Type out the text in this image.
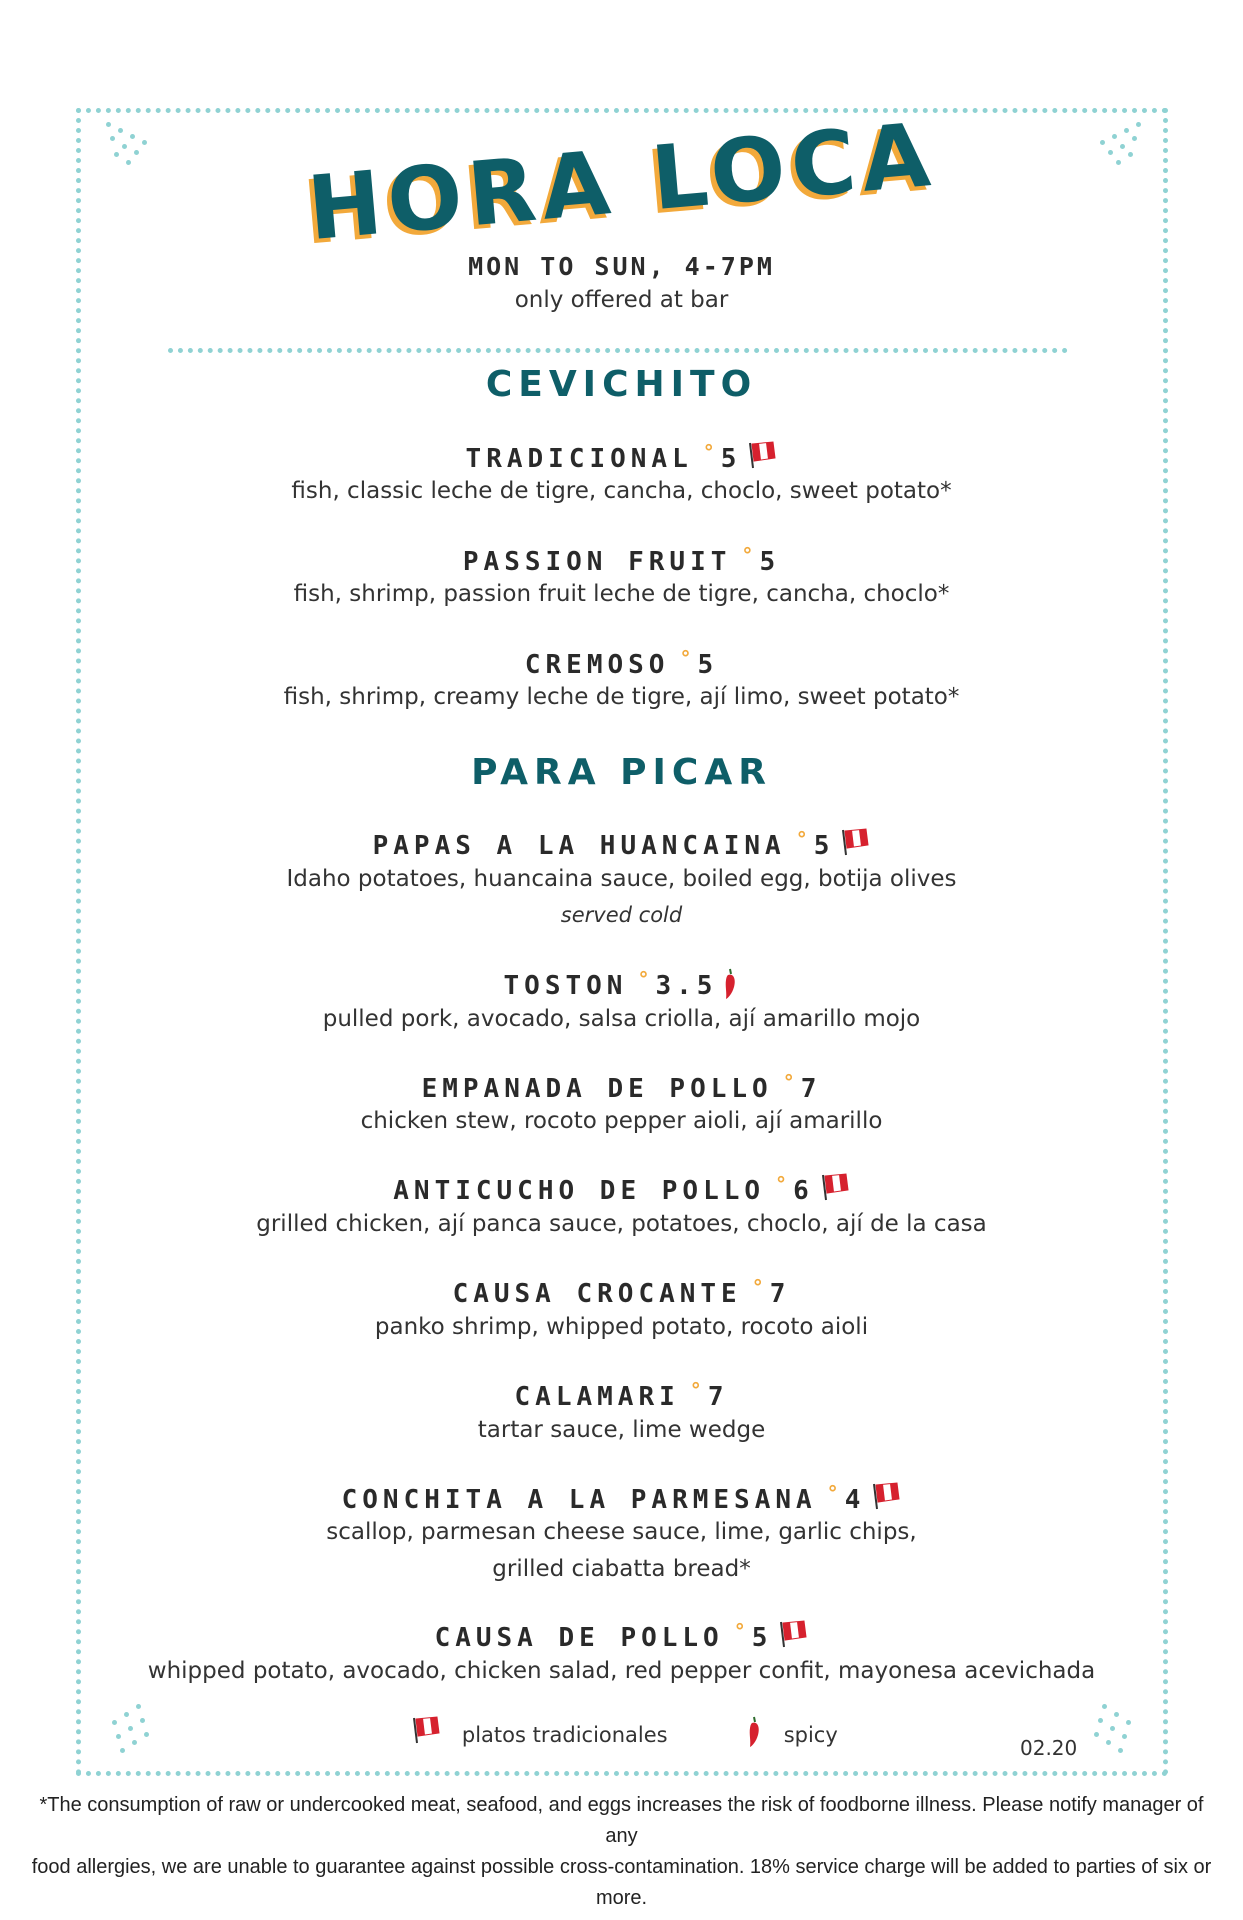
HORA LOCA
MON TO SUN, 4-7PM
only offered at bar
CEVICHITO
TRADICIONAL ° 5
fish, classic leche de tigre, cancha, choclo, sweet potato*
PASSION FRUIT ° 5
fish, shrimp, passion fruit leche de tigre, cancha, choclo*
CREMOSO ° 5
fish, shrimp, creamy leche de tigre, ají limo, sweet potato*
PARA PICAR
PAPAS A LA HUANCAINA ° 5
Idaho potatoes, huancaina sauce, boiled egg, botija olives
served cold
TOSTON ° 3.5
pulled pork, avocado, salsa criolla, ají amarillo mojo
EMPANADA DE POLLO ° 7
chicken stew, rocoto pepper aioli, ají amarillo
ANTICUCHO DE POLLO ° 6
grilled chicken, ají panca sauce, potatoes, choclo, ají de la casa
CAUSA CROCANTE ° 7
panko shrimp, whipped potato, rocoto aioli
CALAMARI ° 7
tartar sauce, lime wedge
CONCHITA A LA PARMESANA ° 4
scallop, parmesan cheese sauce, lime, garlic chips,
grilled ciabatta bread*
CAUSA DE POLLO ° 5
whipped potato, avocado, chicken salad, red pepper confit, mayonesa acevichada
platos tradicionales	spicy
02.20
*The consumption of raw or undercooked meat, seafood, and eggs increases the risk of foodborne illness. Please notify manager of any
food allergies, we are unable to guarantee against possible cross-contamination. 18% service charge will be added to parties of six or more.
